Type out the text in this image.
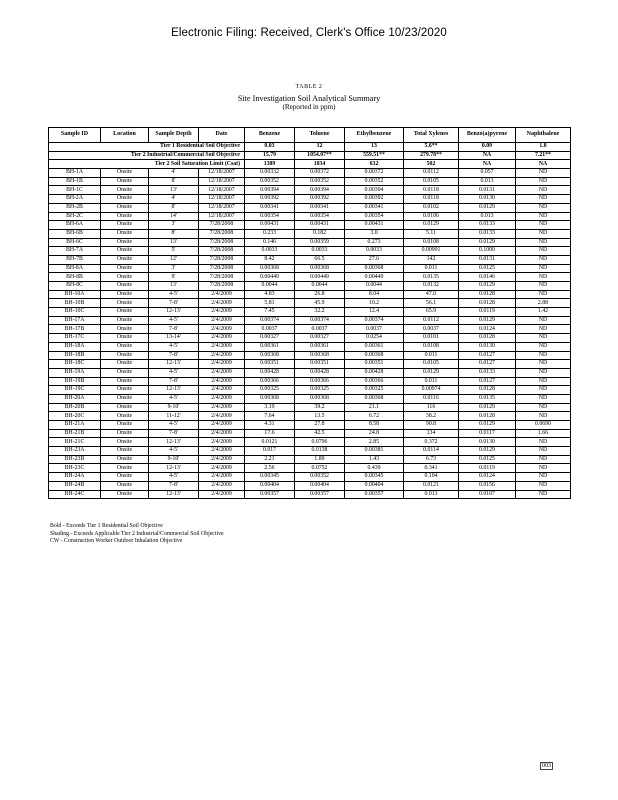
Electronic Filing: Received, Clerk's Office 10/23/2020
TABLE 2
Site Investigation Soil Analytical Summary
(Reported in ppm)
Sample ID	Location	Sample Depth	Date	Benzene	Toluene	Ethylbenzene	Total Xylenes	Benzo(a)pyrene	Naphthalene
Tier 1 Residential Soil Objective				0.03	12	13	5.6**	0.09	1.8
Tier 2 Industrial/Commercial Soil Objective				15.79	1054.07**	559.51**	279.78**	NA	7.21**
Tier 2 Soil Saturation Limit (Csat)				1389	1034	632	502	NA	NA
BH-1A	Onsite	4'	12/18/2007	0.00332	0.00372	0.00372	0.0112	0.057	ND
BH-1B	Onsite	8'	12/18/2007	0.00352	0.00352	0.00352	0.0105	0.013	ND
BH-1C	Onsite	13'	12/18/2007	0.00394	0.00394	0.00394	0.0118	0.0131	ND
BH-2A	Onsite	4'	12/18/2007	0.00392	0.00392	0.00392	0.0118	0.0130	ND
BH-2B	Onsite	8'	12/18/2007	0.00341	0.00341	0.00341	0.0102	0.0129	ND
BH-2C	Onsite	14'	12/18/2007	0.00354	0.00354	0.00354	0.0106	0.013	ND
BH-6A	Onsite	3'	7/28/2008	0.00431	0.00431	0.00431	0.0129	0.0133	ND
BH-6B	Onsite	8'	7/28/2008	0.233	0.182	3.0	5.11	0.0133	ND
BH-6C	Onsite	13'	7/28/2008	0.146	0.00359	0.273	0.0108	0.0129	ND
BH-7A	Onsite	5'	7/28/2008	0.0033	0.0033	0.0033	0.00991	0.1000	ND
BH-7B	Onsite	12'	7/28/2008	8.42	66.5	27.6	142	0.0131	ND
BH-8A	Onsite	3'	7/28/2008	0.00368	0.00368	0.00368	0.011	0.0125	ND
BH-8B	Onsite	9'	7/28/2008	0.00449	0.00449	0.00449	0.0135	0.0146	ND
BH-8C	Onsite	13'	7/28/2008	0.0044	0.0044	0.0044	0.0132	0.0129	ND
BH-10A	Onsite	4-5'	2/4/2009	4.83	26.8	8.04	47.0	0.0128	ND
BH-10B	Onsite	7-8'	2/4/2009	5.81	45.9	10.2	56.1	0.0128	2.88
BH-10C	Onsite	12-13'	2/4/2009	7.45	32.2	12.4	65.9	0.0119	1.42
BH-17A	Onsite	4-5'	2/4/2009	0.00374	0.00374	0.00374	0.0112	0.0129	ND
BH-17B	Onsite	7-8'	2/4/2009	0.0037	0.0037	0.0037	0.0037	0.0124	ND
BH-17C	Onsite	13-14'	2/4/2009	0.00327	0.00327	0.0254	0.0101	0.0128	ND
BH-18A	Onsite	4-5'	2/4/2009	0.00361	0.00361	0.00361	0.0108	0.0130	ND
BH-18B	Onsite	7-8'	2/4/2009	0.00368	0.00368	0.00368	0.011	0.0127	ND
BH-18C	Onsite	12-13'	2/4/2009	0.00351	0.00351	0.00351	0.0105	0.0127	ND
BH-19A	Onsite	4-5'	2/4/2009	0.00428	0.00428	0.00428	0.0129	0.0133	ND
BH-19B	Onsite	7-8'	2/4/2009	0.00366	0.00366	0.00366	0.011	0.0127	ND
BH-19C	Onsite	12-13'	2/4/2009	0.00325	0.00325	0.00325	0.00974	0.0128	ND
BH-20A	Onsite	4-5'	2/4/2009	0.00368	0.00368	0.00368	0.0116	0.0135	ND
BH-20B	Onsite	9-10'	2/4/2009	3.19	39.2	21.1	116	0.0129	ND
BH-20C	Onsite	11-12'	2/4/2009	7.64	13.5	6.72	38.2	0.0128	ND
BH-21A	Onsite	4-5'	2/4/2009	4.31	27.8	8.58	90.8	0.0129	0.0690
BH-21B	Onsite	7-8'	2/4/2009	17.6	42.5	24.8	134	0.0117	1.66
BH-21C	Onsite	12-13'	2/4/2009	0.0121	0.0796	2.85	0.372	0.0130	ND
BH-23A	Onsite	4-5'	2/4/2009	0.017	0.0138	0.00381	0.0114	0.0129	ND
BH-23B	Onsite	9-10'	2/4/2009	2.21	1.89	1.43	6.73	0.0125	ND
BH-23C	Onsite	12-13'	2/4/2009	2.56	0.0752	0.439	0.341	0.0119	ND
BH-24A	Onsite	4-5'	2/4/2009	0.00345	0.00352	0.00345	0.104	0.0124	ND
BH-24B	Onsite	7-8'	2/4/2009	0.00404	0.00404	0.00404	0.0121	0.0156	ND
BH-24C	Onsite	12-13'	2/4/2009	0.00357	0.00357	0.00357	0.013	0.0107	ND
Bold - Exceeds Tier 1 Residential Soil Objective
Shading - Exceeds Applicable Tier 2 Industrial/Commercial Soil Objective
CW - Construction Worker Outdoor Inhalation Objective
003
